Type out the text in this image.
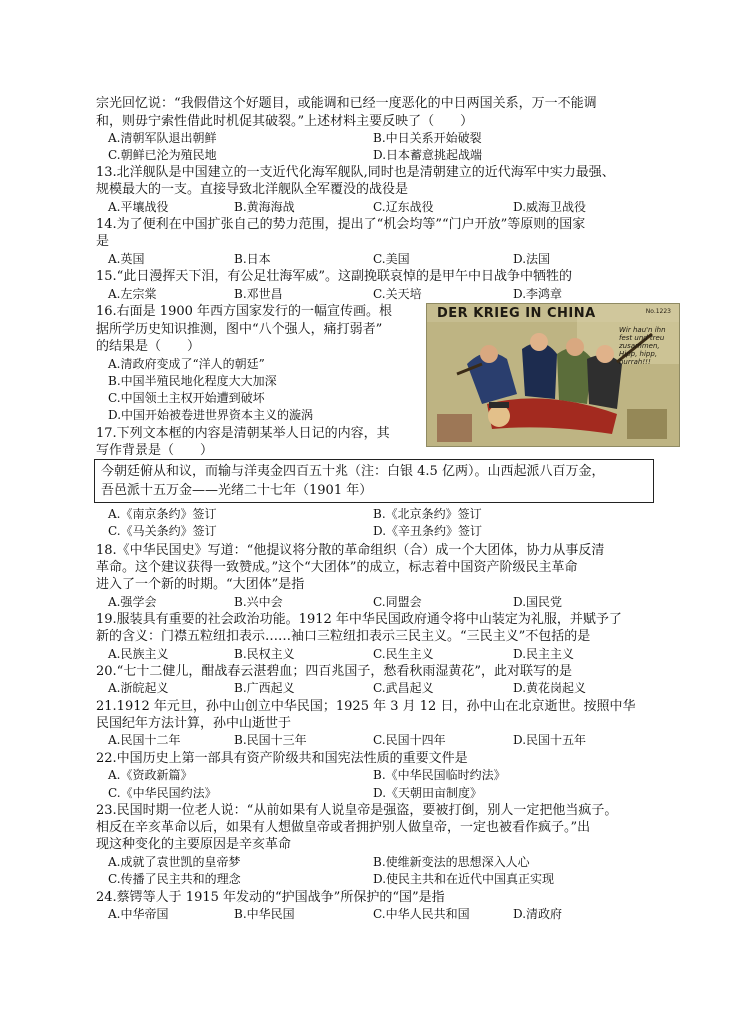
宗光回忆说：“我假借这个好题目，或能调和已经一度恶化的中日两国关系，万一不能调
和，则毋宁索性借此时机促其破裂。”上述材料主要反映了（　　）
A.清朝军队退出朝鲜	B.中日关系开始破裂
C.朝鲜已沦为殖民地	D.日本蓄意挑起战端
13.北洋舰队是中国建立的一支近代化海军舰队,同时也是清朝建立的近代海军中实力最强、
规模最大的一支。直接导致北洋舰队全军覆没的战役是
A.平壤战役	B.黄海海战	C.辽东战役	D.威海卫战役
14.为了便利在中国扩张自己的势力范围，提出了“机会均等”“门户开放”等原则的国家
是
A.英国	B.日本	C.美国	D.法国
15.“此日漫挥天下泪，有公足壮海军威”。这副挽联哀悼的是甲午中日战争中牺牲的
A.左宗棠	B.邓世昌	C.关天培	D.李鸿章
16.右面是 1900 年西方国家发行的一幅宣传画。根
据所学历史知识推测，图中“八个强人，痛打弱者”
的结果是（　　）
A.清政府变成了“洋人的朝廷”
B.中国半殖民地化程度大大加深
C.中国领土主权开始遭到破坏
D.中国开始被卷进世界资本主义的漩涡
DER KRIEG IN CHINA	No.1223
Wir hau'n ihn fest und treu zusammen, Hipp, hipp, hurrah!!!
17.下列文本框的内容是清朝某举人日记的内容，其
写作背景是（　　）
今朝廷俯从和议，而输与洋夷金四百五十兆（注：白银 4.5 亿两）。山西起派八百万金，
吾邑派十五万金——光绪二十七年（1901 年）
A.《南京条约》签订	B.《北京条约》签订
C.《马关条约》签订	D.《辛丑条约》签订
18.《中华民国史》写道：“他提议将分散的革命组织（合）成一个大团体，协力从事反清
革命。这个建议获得一致赞成。”这个“大团体”的成立，标志着中国资产阶级民主革命
进入了一个新的时期。“大团体”是指
A.强学会	B.兴中会	C.同盟会	D.国民党
19.服装具有重要的社会政治功能。1912 年中华民国政府通令将中山装定为礼服，并赋予了
新的含义：门襟五粒纽扣表示……袖口三粒纽扣表示三民主义。“三民主义”不包括的是
A.民族主义	B.民权主义	C.民生主义	D.民主主义
20.“七十二健儿，酣战春云湛碧血；四百兆国子，愁看秋雨湿黄花”，此对联写的是
A.浙皖起义	B.广西起义	C.武昌起义	D.黄花岗起义
21.1912 年元旦，孙中山创立中华民国；1925 年 3 月 12 日，孙中山在北京逝世。按照中华
民国纪年方法计算，孙中山逝世于
A.民国十二年	B.民国十三年	C.民国十四年	D.民国十五年
22.中国历史上第一部具有资产阶级共和国宪法性质的重要文件是
A.《资政新篇》	B.《中华民国临时约法》
C.《中华民国约法》	D.《天朝田亩制度》
23.民国时期一位老人说：“从前如果有人说皇帝是强盗，要被打倒，别人一定把他当疯子。
相反在辛亥革命以后，如果有人想做皇帝或者拥护别人做皇帝，一定也被看作疯子。”出
现这种变化的主要原因是辛亥革命
A.成就了袁世凯的皇帝梦	B.使维新变法的思想深入人心
C.传播了民主共和的理念	D.使民主共和在近代中国真正实现
24.蔡锷等人于 1915 年发动的“护国战争”所保护的“国”是指
A.中华帝国	B.中华民国	C.中华人民共和国	D.清政府
